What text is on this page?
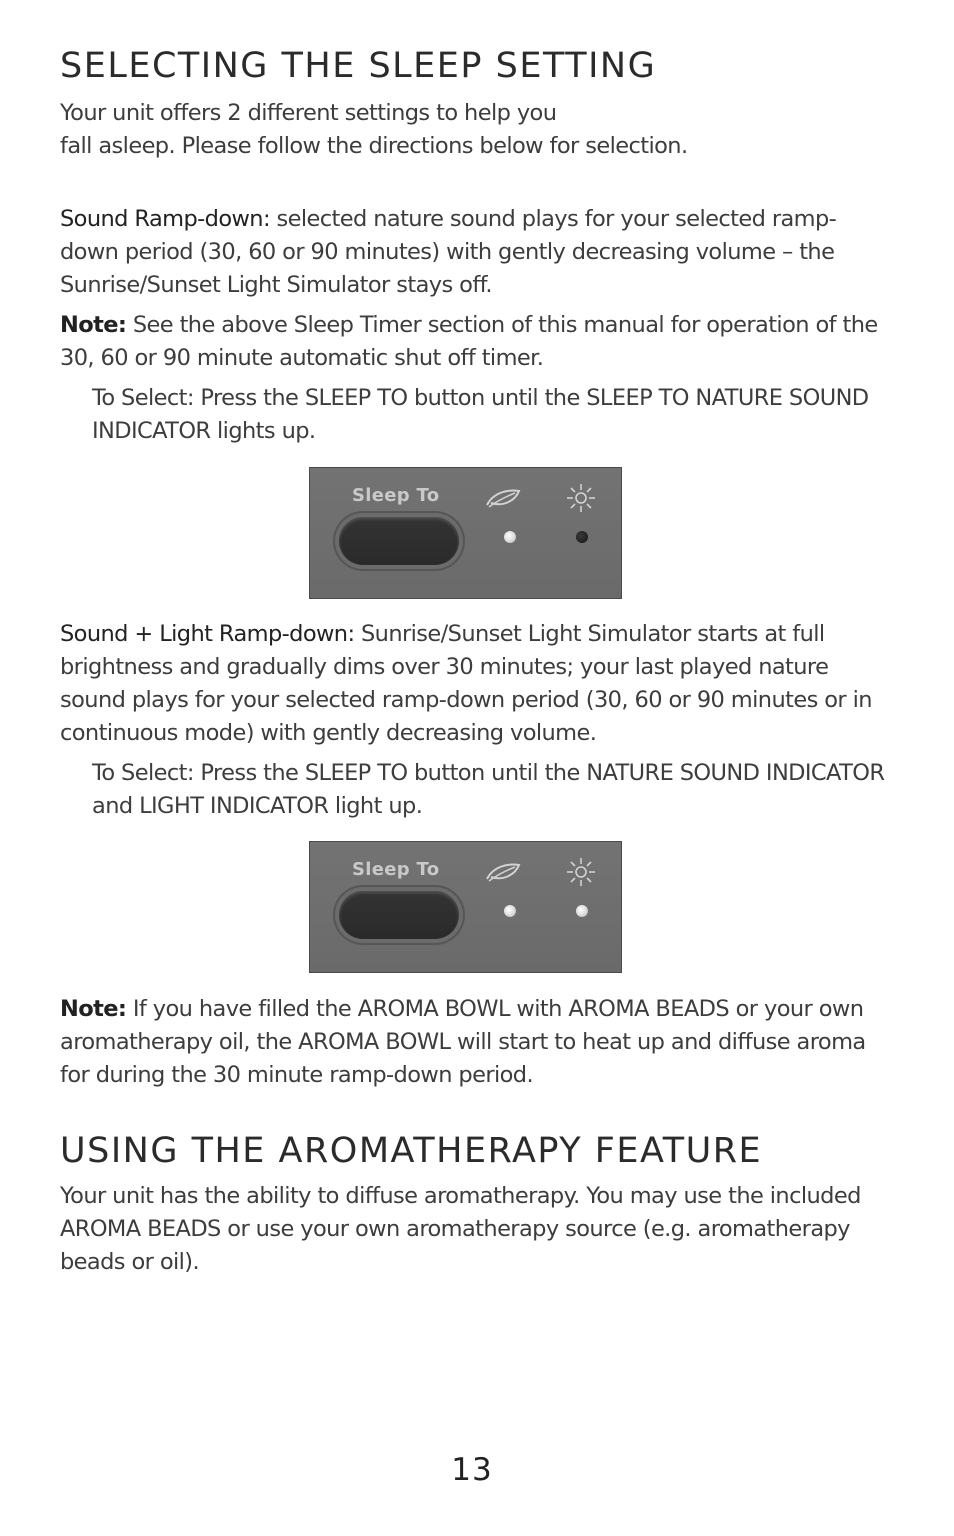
SELECTING THE SLEEP SETTING

Your unit offers 2 different settings to help you
fall asleep. Please follow the directions below for selection.

Sound Ramp-down: selected nature sound plays for your selected ramp-down period (30, 60 or 90 minutes) with gently decreasing volume – the Sunrise/Sunset Light Simulator stays off.

Note: See the above Sleep Timer section of this manual for operation of the 30, 60 or 90 minute automatic shut off timer.

To Select: Press the SLEEP TO button until the SLEEP TO NATURE SOUND INDICATOR lights up.

Sleep To

Sound + Light Ramp-down: Sunrise/Sunset Light Simulator starts at full brightness and gradually dims over 30 minutes; your last played nature sound plays for your selected ramp-down period (30, 60 or 90 minutes or in continuous mode) with gently decreasing volume.

To Select: Press the SLEEP TO button until the NATURE SOUND INDICATOR and LIGHT INDICATOR light up.

Sleep To

Note: If you have filled the AROMA BOWL with AROMA BEADS or your own aromatherapy oil, the AROMA BOWL will start to heat up and diffuse aroma for during the 30 minute ramp-down period.

USING THE AROMATHERAPY FEATURE

Your unit has the ability to diffuse aromatherapy. You may use the included AROMA BEADS or use your own aromatherapy source (e.g. aromatherapy beads or oil).

13
